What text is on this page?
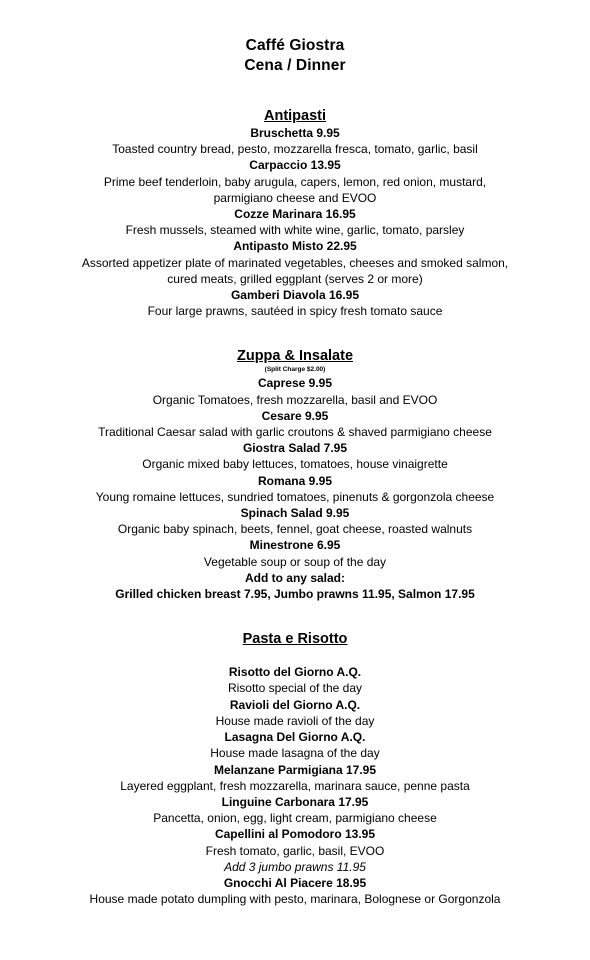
Caffé Giostra
Cena / Dinner
Antipasti
Bruschetta 9.95
Toasted country bread, pesto, mozzarella fresca, tomato, garlic, basil
Carpaccio 13.95
Prime beef tenderloin, baby arugula, capers, lemon, red onion, mustard, parmigiano cheese and EVOO
Cozze Marinara 16.95
Fresh mussels, steamed with white wine, garlic, tomato, parsley
Antipasto Misto 22.95
Assorted appetizer plate of marinated vegetables, cheeses and smoked salmon, cured meats, grilled eggplant (serves 2 or more)
Gamberi Diavola 16.95
Four large prawns, sautéed in spicy fresh tomato sauce
Zuppa & Insalate
(Split Charge $2.00)
Caprese 9.95
Organic Tomatoes, fresh mozzarella, basil and EVOO
Cesare 9.95
Traditional Caesar salad with garlic croutons & shaved parmigiano cheese
Giostra Salad 7.95
Organic mixed baby lettuces, tomatoes, house vinaigrette
Romana 9.95
Young romaine lettuces, sundried tomatoes, pinenuts & gorgonzola cheese
Spinach Salad 9.95
Organic baby spinach, beets, fennel, goat cheese, roasted walnuts
Minestrone 6.95
Vegetable soup or soup of the day
Add to any salad:
Grilled chicken breast 7.95, Jumbo prawns 11.95, Salmon 17.95
Pasta e Risotto
Risotto del Giorno A.Q.
Risotto special of the day
Ravioli del Giorno A.Q.
House made ravioli of the day
Lasagna Del Giorno A.Q.
House made lasagna of the day
Melanzane Parmigiana 17.95
Layered eggplant, fresh mozzarella, marinara sauce, penne pasta
Linguine Carbonara 17.95
Pancetta, onion, egg, light cream, parmigiano cheese
Capellini al Pomodoro 13.95
Fresh tomato, garlic, basil, EVOO
Add 3 jumbo prawns 11.95
Gnocchi Al Piacere 18.95
House made potato dumpling with pesto, marinara, Bolognese or Gorgonzola
